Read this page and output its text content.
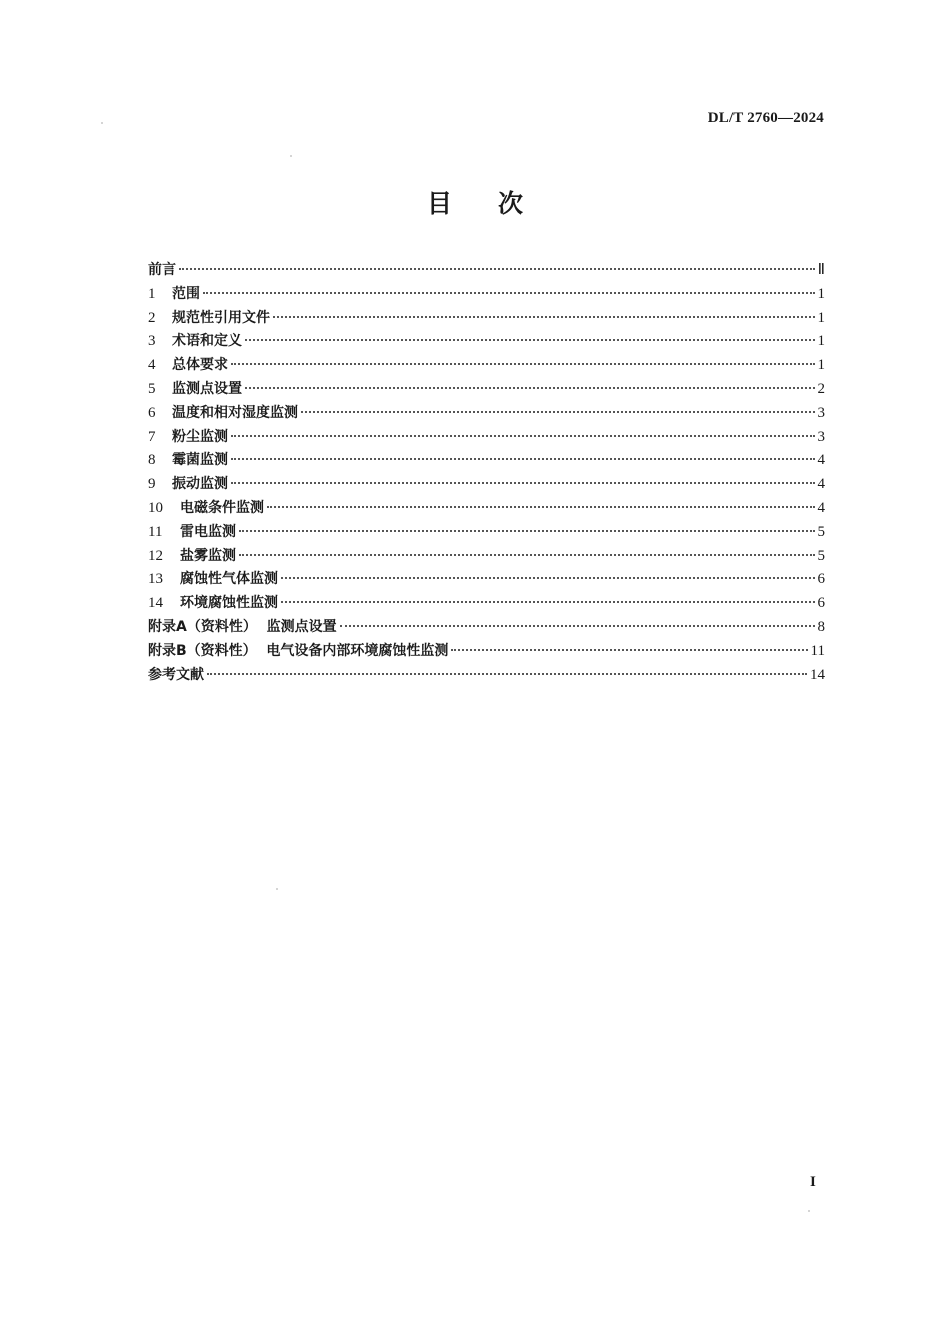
DL/T 2760—2024
目 次
前言	Ⅱ
1	范围	1
2	规范性引用文件	1
3	术语和定义	1
4	总体要求	1
5	监测点设置	2
6	温度和相对湿度监测	3
7	粉尘监测	3
8	霉菌监测	4
9	振动监测	4
10	电磁条件监测	4
11	雷电监测	5
12	盐雾监测	5
13	腐蚀性气体监测	6
14	环境腐蚀性监测	6
附录A（资料性）  监测点设置	8
附录B（资料性）  电气设备内部环境腐蚀性监测	11
参考文献	14
I
